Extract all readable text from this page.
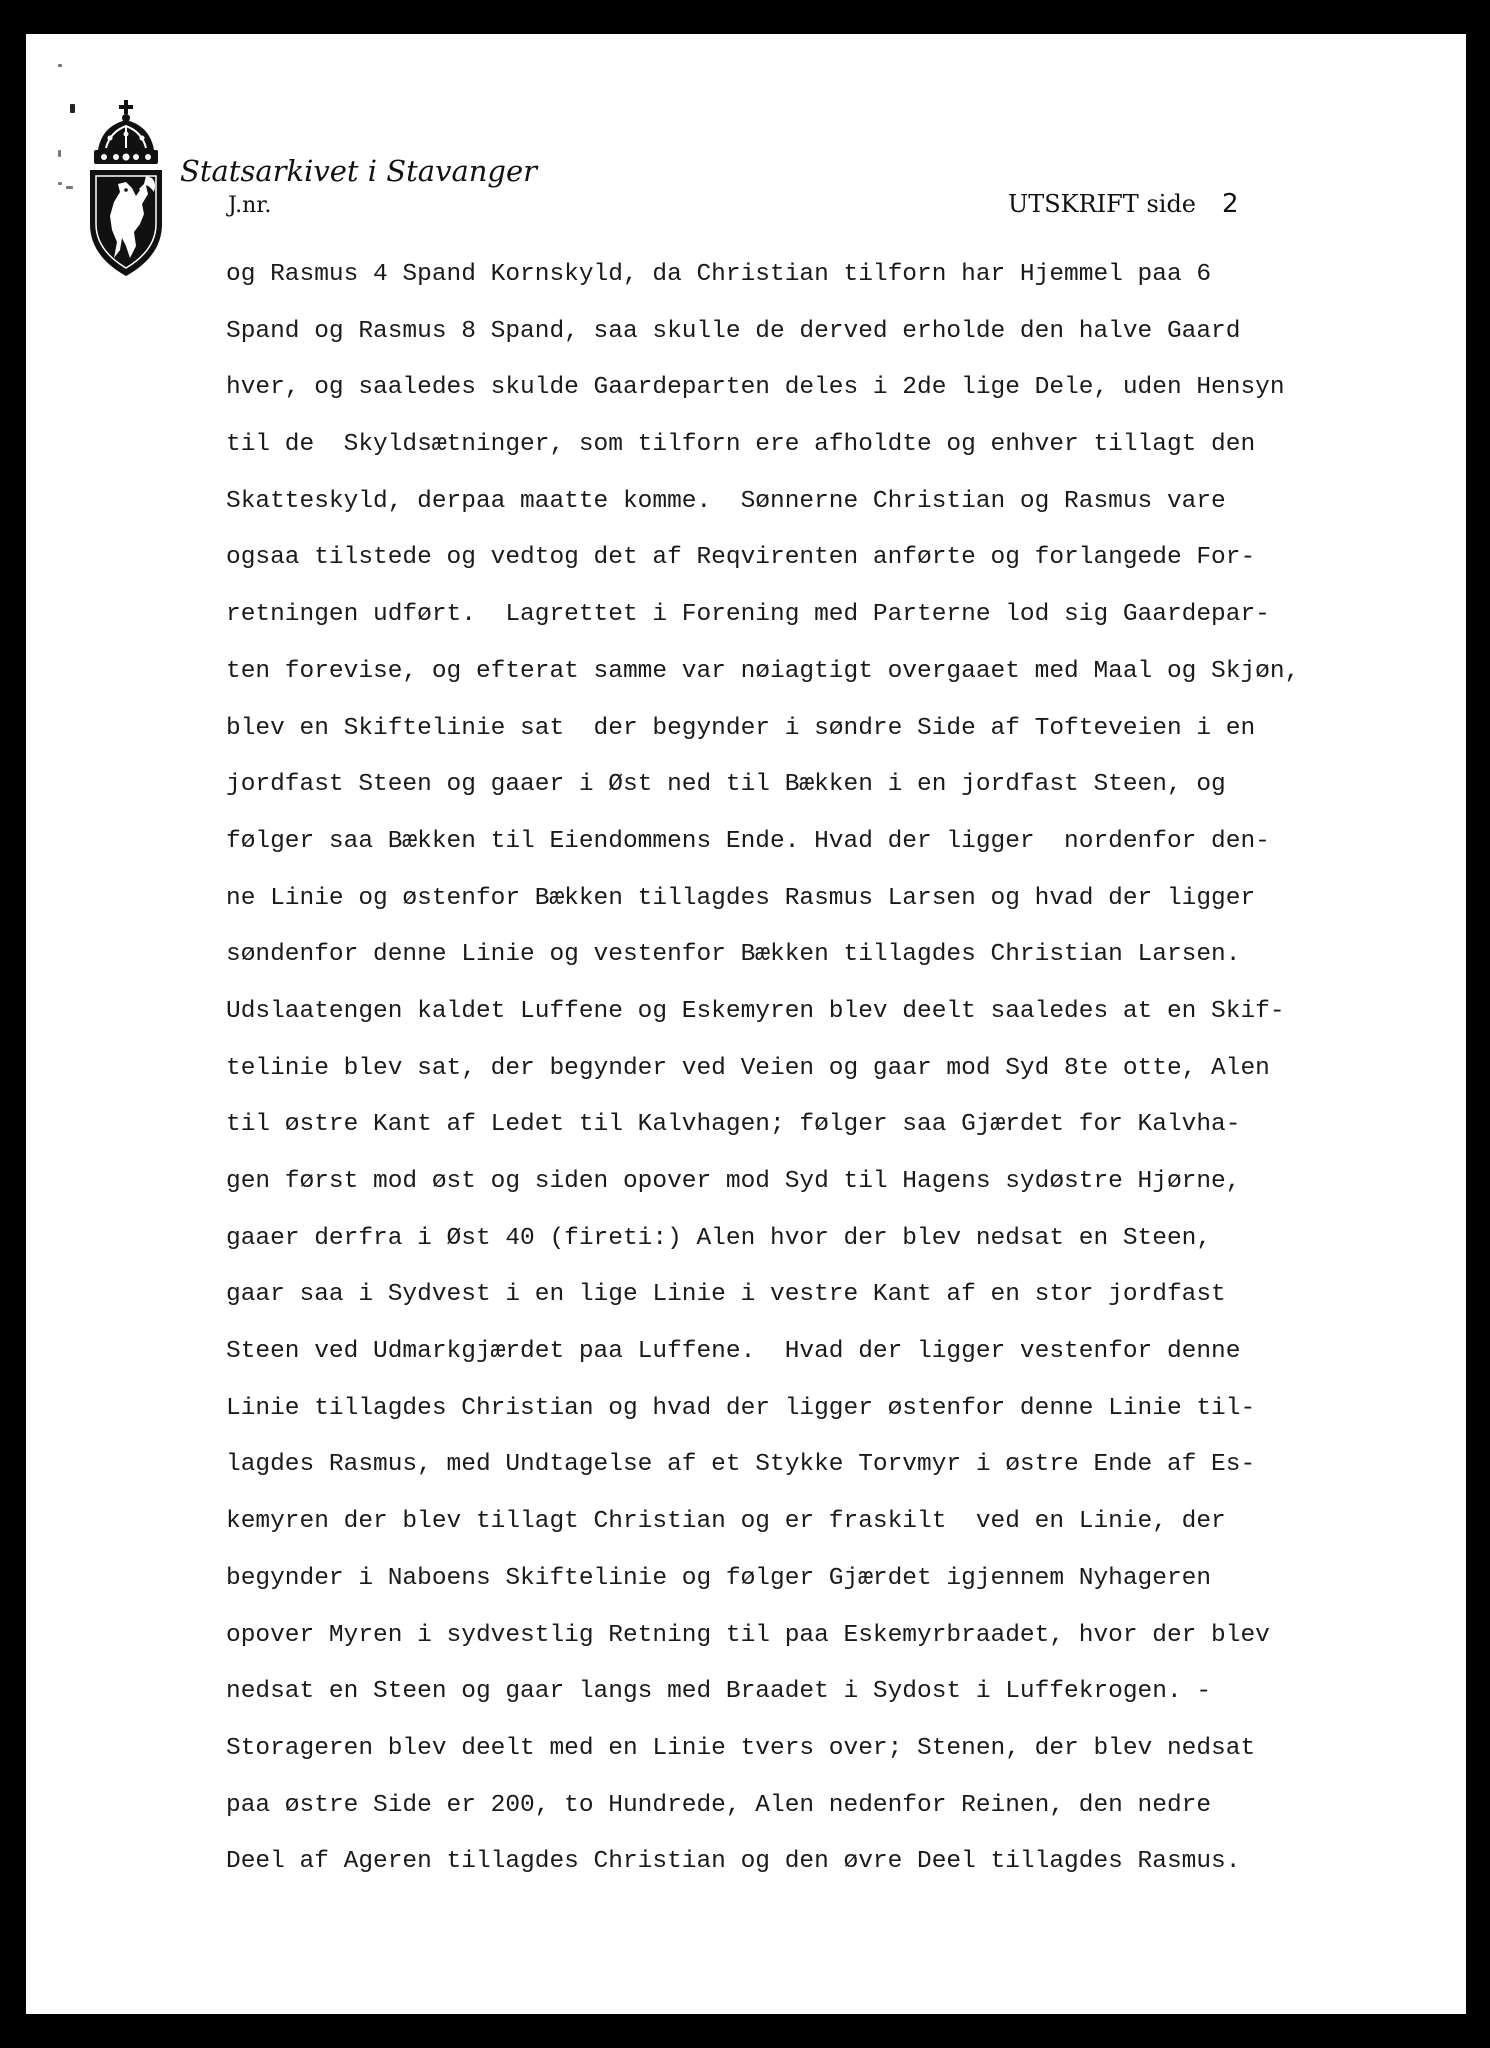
Statsarkivet i Stavanger
J.nr.	UTSKRIFT side 2
og Rasmus 4 Spand Kornskyld, da Christian tilforn har Hjemmel paa 6
Spand og Rasmus 8 Spand, saa skulle de derved erholde den halve Gaard
hver, og saaledes skulde Gaardeparten deles i 2de lige Dele, uden Hensyn
til de  Skyldsætninger, som tilforn ere afholdte og enhver tillagt den
Skatteskyld, derpaa maatte komme.  Sønnerne Christian og Rasmus vare
ogsaa tilstede og vedtog det af Reqvirenten anførte og forlangede For-
retningen udført.  Lagrettet i Forening med Parterne lod sig Gaardepar-
ten forevise, og efterat samme var nøiagtigt overgaaet med Maal og Skjøn,
blev en Skiftelinie sat  der begynder i søndre Side af Tofteveien i en
jordfast Steen og gaaer i Øst ned til Bækken i en jordfast Steen, og
følger saa Bækken til Eiendommens Ende. Hvad der ligger  nordenfor den-
ne Linie og østenfor Bækken tillagdes Rasmus Larsen og hvad der ligger
søndenfor denne Linie og vestenfor Bækken tillagdes Christian Larsen.
Udslaatengen kaldet Luffene og Eskemyren blev deelt saaledes at en Skif-
telinie blev sat, der begynder ved Veien og gaar mod Syd 8te otte, Alen
til østre Kant af Ledet til Kalvhagen; følger saa Gjærdet for Kalvha-
gen først mod øst og siden opover mod Syd til Hagens sydøstre Hjørne,
gaaer derfra i Øst 40 (fireti:) Alen hvor der blev nedsat en Steen,
gaar saa i Sydvest i en lige Linie i vestre Kant af en stor jordfast
Steen ved Udmarkgjærdet paa Luffene.  Hvad der ligger vestenfor denne
Linie tillagdes Christian og hvad der ligger østenfor denne Linie til-
lagdes Rasmus, med Undtagelse af et Stykke Torvmyr i østre Ende af Es-
kemyren der blev tillagt Christian og er fraskilt  ved en Linie, der
begynder i Naboens Skiftelinie og følger Gjærdet igjennem Nyhageren
opover Myren i sydvestlig Retning til paa Eskemyrbraadet, hvor der blev
nedsat en Steen og gaar langs med Braadet i Sydost i Luffekrogen. -
Storageren blev deelt med en Linie tvers over; Stenen, der blev nedsat
paa østre Side er 200, to Hundrede, Alen nedenfor Reinen, den nedre
Deel af Ageren tillagdes Christian og den øvre Deel tillagdes Rasmus.
